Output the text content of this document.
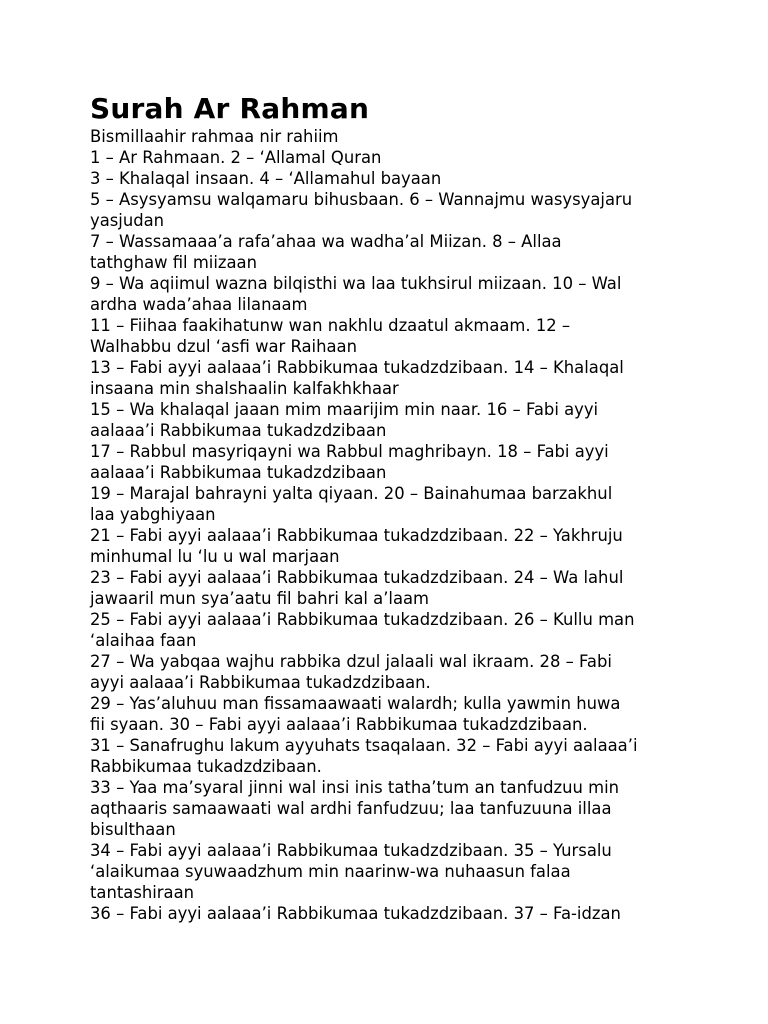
Surah Ar Rahman

Bismillaahir rahmaa nir rahiim

1 – Ar Rahmaan. 2 – ‘Allamal Quran

3 – Khalaqal insaan. 4 – ‘Allamahul bayaan

5 – Asysyamsu walqamaru bihusbaan. 6 – Wannajmu wasysyajaru

yasjudan

7 – Wassamaaa’a rafa’ahaa wa wadha’al Miizan. 8 – Allaa

tathghaw fil miizaan

9 – Wa aqiimul wazna bilqisthi wa laa tukhsirul miizaan. 10 – Wal

ardha wada’ahaa lilanaam

11 – Fiihaa faakihatunw wan nakhlu dzaatul akmaam. 12 –

Walhabbu dzul ‘asfi war Raihaan

13 – Fabi ayyi aalaaa’i Rabbikumaa tukadzdzibaan. 14 – Khalaqal

insaana min shalshaalin kalfakhkhaar

15 – Wa khalaqal jaaan mim maarijim min naar. 16 – Fabi ayyi

aalaaa’i Rabbikumaa tukadzdzibaan

17 – Rabbul masyriqayni wa Rabbul maghribayn. 18 – Fabi ayyi

aalaaa’i Rabbikumaa tukadzdzibaan

19 – Marajal bahrayni yalta qiyaan. 20 – Bainahumaa barzakhul

laa yabghiyaan

21 – Fabi ayyi aalaaa’i Rabbikumaa tukadzdzibaan. 22 – Yakhruju

minhumal lu ‘lu u wal marjaan

23 – Fabi ayyi aalaaa’i Rabbikumaa tukadzdzibaan. 24 – Wa lahul

jawaaril mun sya’aatu fil bahri kal a’laam

25 – Fabi ayyi aalaaa’i Rabbikumaa tukadzdzibaan. 26 – Kullu man

‘alaihaa faan

27 – Wa yabqaa wajhu rabbika dzul jalaali wal ikraam. 28 – Fabi

ayyi aalaaa’i Rabbikumaa tukadzdzibaan.

29 – Yas’aluhuu man fissamaawaati walardh; kulla yawmin huwa

fii syaan. 30 – Fabi ayyi aalaaa’i Rabbikumaa tukadzdzibaan.

31 – Sanafrughu lakum ayyuhats tsaqalaan. 32 – Fabi ayyi aalaaa’i

Rabbikumaa tukadzdzibaan.

33 – Yaa ma’syaral jinni wal insi inis tatha’tum an tanfudzuu min

aqthaaris samaawaati wal ardhi fanfudzuu; laa tanfuzuuna illaa

bisulthaan

34 – Fabi ayyi aalaaa’i Rabbikumaa tukadzdzibaan. 35 – Yursalu

‘alaikumaa syuwaadzhum min naarinw-wa nuhaasun falaa

tantashiraan

36 – Fabi ayyi aalaaa’i Rabbikumaa tukadzdzibaan. 37 – Fa-idzan
